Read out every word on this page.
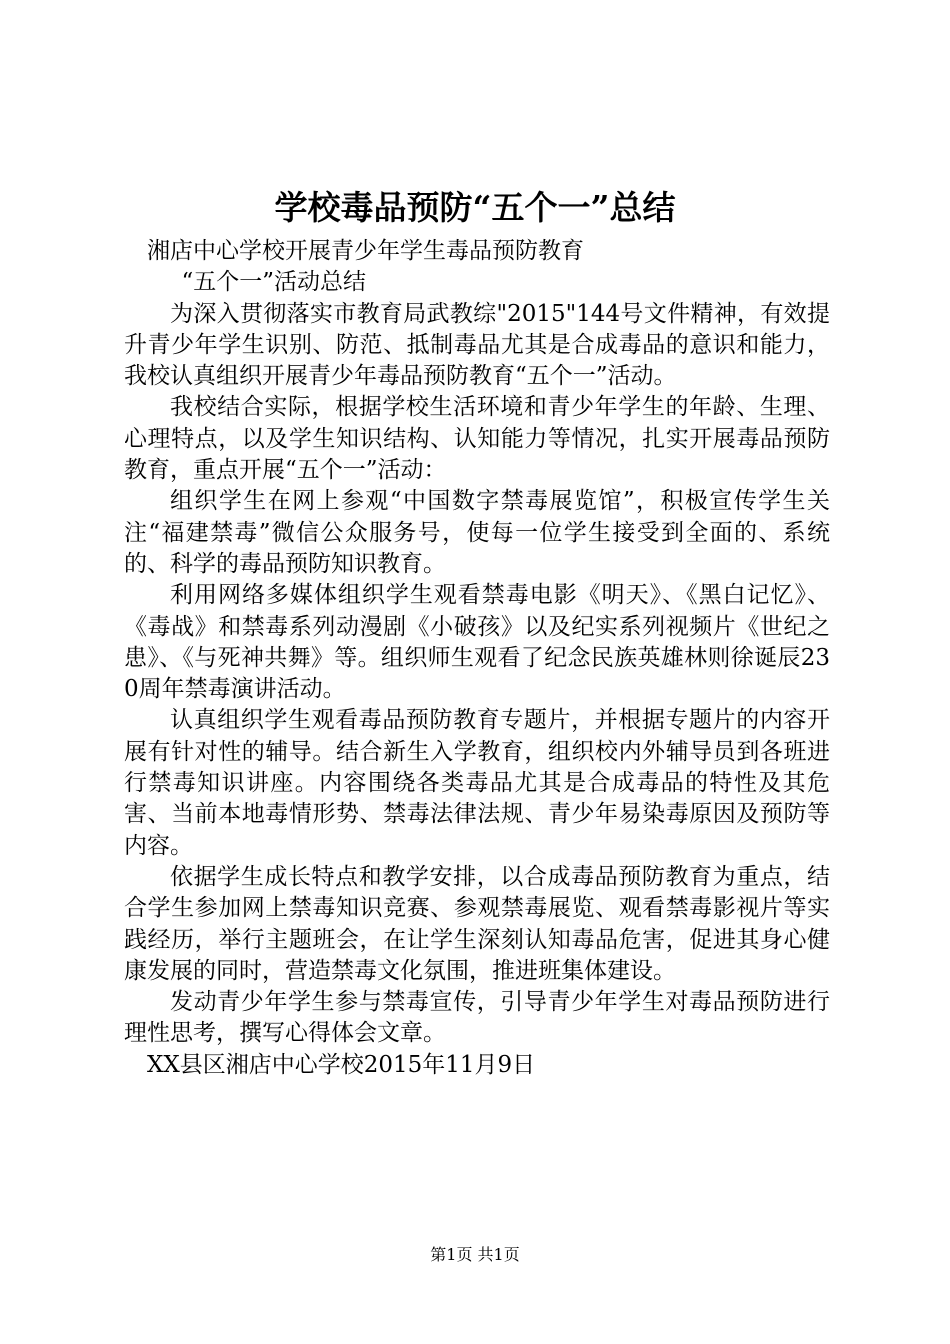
学校毒品预防“五个一”总结

湘店中心学校开展青少年学生毒品预防教育

“五个一”活动总结

为深入贯彻落实市教育局武教综"2015"144号文件精神，有效提升青少年学生识别、防范、抵制毒品尤其是合成毒品的意识和能力，我校认真组织开展青少年毒品预防教育“五个一”活动。

我校结合实际，根据学校生活环境和青少年学生的年龄、生理、心理特点，以及学生知识结构、认知能力等情况，扎实开展毒品预防教育，重点开展“五个一”活动：

组织学生在网上参观“中国数字禁毒展览馆”，积极宣传学生关注“福建禁毒”微信公众服务号，使每一位学生接受到全面的、系统的、科学的毒品预防知识教育。

利用网络多媒体组织学生观看禁毒电影《明天》、《黑白记忆》、《毒战》和禁毒系列动漫剧《小破孩》以及纪实系列视频片《世纪之患》、《与死神共舞》等。组织师生观看了纪念民族英雄林则徐诞辰230周年禁毒演讲活动。

认真组织学生观看毒品预防教育专题片，并根据专题片的内容开展有针对性的辅导。结合新生入学教育，组织校内外辅导员到各班进行禁毒知识讲座。内容围绕各类毒品尤其是合成毒品的特性及其危害、当前本地毒情形势、禁毒法律法规、青少年易染毒原因及预防等内容。

依据学生成长特点和教学安排，以合成毒品预防教育为重点，结合学生参加网上禁毒知识竞赛、参观禁毒展览、观看禁毒影视片等实践经历，举行主题班会，在让学生深刻认知毒品危害，促进其身心健康发展的同时，营造禁毒文化氛围，推进班集体建设。

发动青少年学生参与禁毒宣传，引导青少年学生对毒品预防进行理性思考，撰写心得体会文章。

XX县区湘店中心学校2015年11月9日

第1页 共1页
